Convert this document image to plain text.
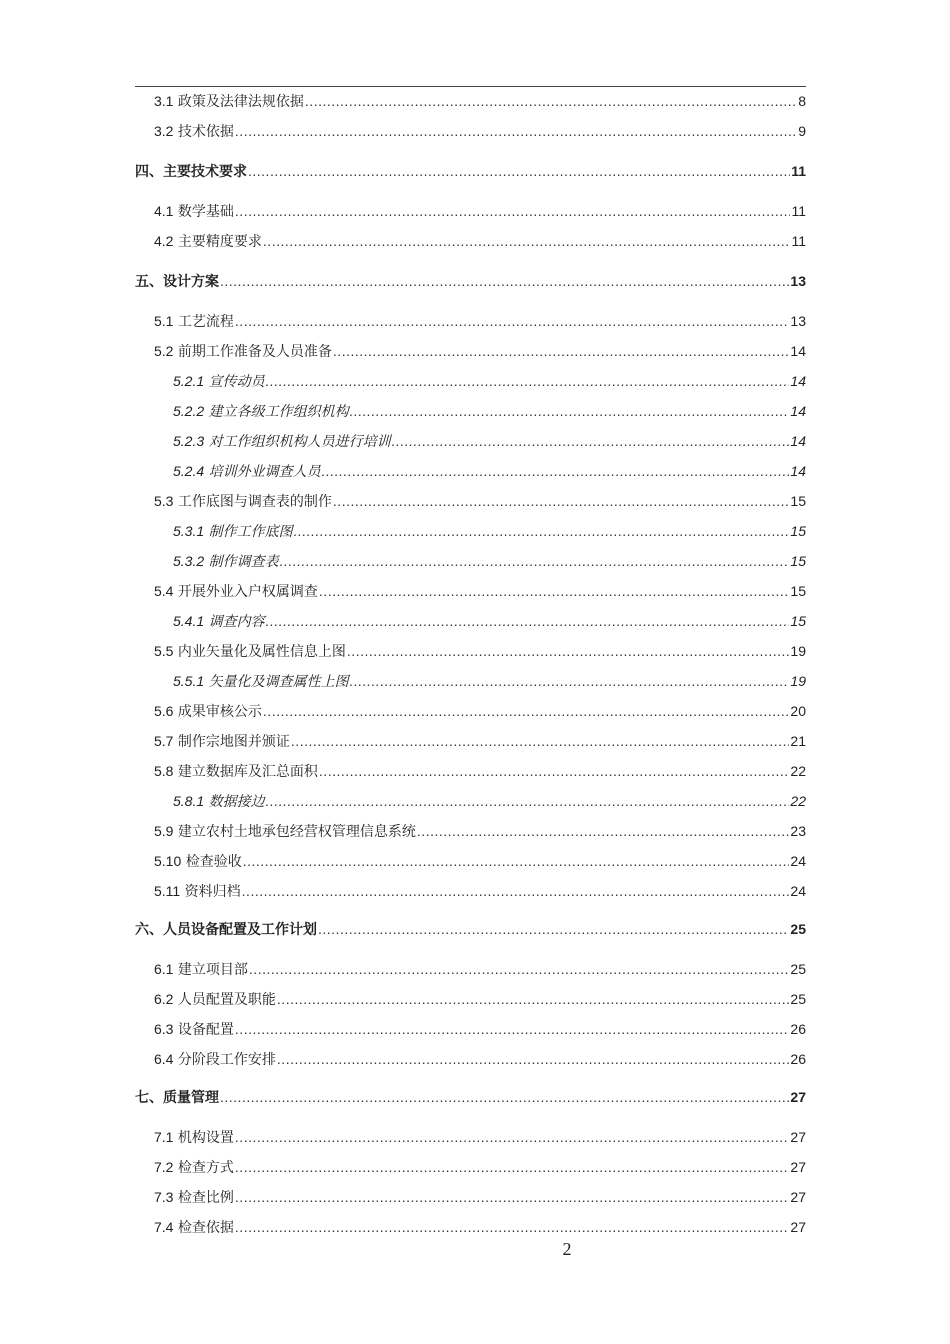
3.1 政策及法律法规依据 .....	8
3.2 技术依据 .....	9
四、主要技术要求 .....	11
4.1 数学基础 .....	11
4.2 主要精度要求 .....	11
五、设计方案 .....	13
5.1 工艺流程 .....	13
5.2 前期工作准备及人员准备 .....	14
5.2.1 宣传动员 .....	14
5.2.2 建立各级工作组织机构 .....	14
5.2.3 对工作组织机构人员进行培训 .....	14
5.2.4 培训外业调查人员 .....	14
5.3 工作底图与调查表的制作 .....	15
5.3.1 制作工作底图 .....	15
5.3.2 制作调查表 .....	15
5.4 开展外业入户权属调查 .....	15
5.4.1 调查内容 .....	15
5.5 内业矢量化及属性信息上图 .....	19
5.5.1 矢量化及调查属性上图 .....	19
5.6 成果审核公示 .....	20
5.7 制作宗地图并颁证 .....	21
5.8 建立数据库及汇总面积 .....	22
5.8.1 数据接边 .....	22
5.9 建立农村土地承包经营权管理信息系统 .....	23
5.10 检查验收 .....	24
5.11 资料归档 .....	24
六、人员设备配置及工作计划 .....	25
6.1 建立项目部 .....	25
6.2 人员配置及职能 .....	25
6.3 设备配置 .....	26
6.4 分阶段工作安排 .....	26
七、质量管理 .....	27
7.1 机构设置 .....	27
7.2 检查方式 .....	27
7.3 检查比例 .....	27
7.4 检查依据 .....	27
2
